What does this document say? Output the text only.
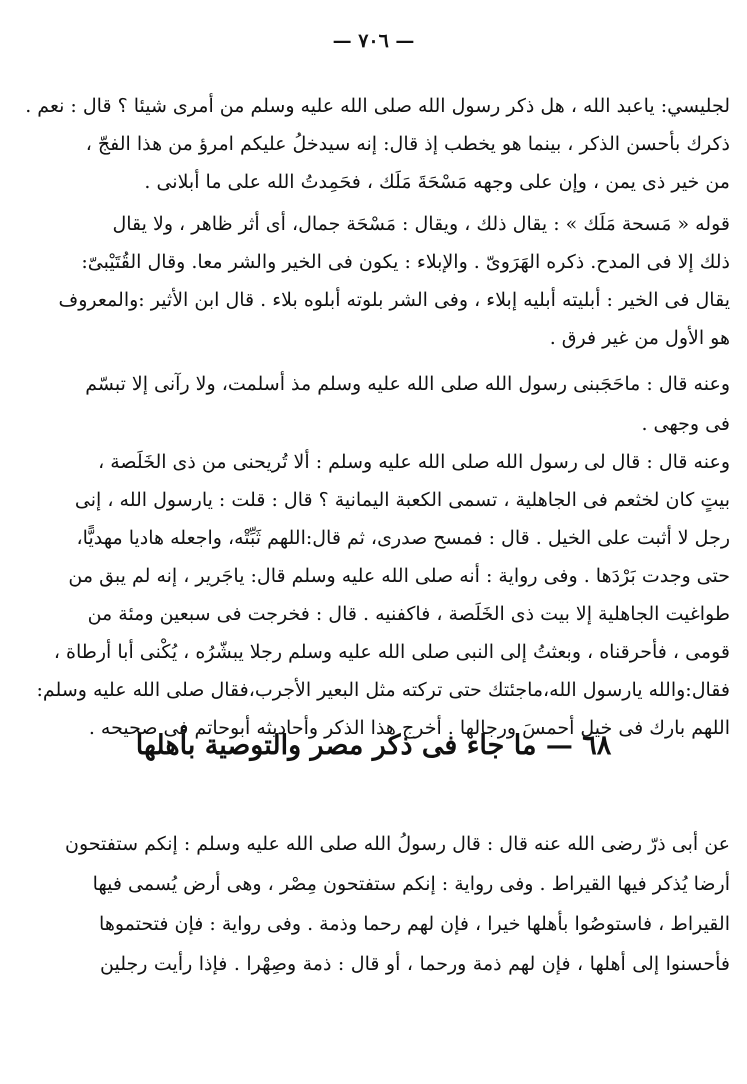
— ٧٠٦ —
لجليسي: ياعبد الله ، هل ذكر رسول الله صلى الله عليه وسلم من أمرى شيئا ؟ قال : نعم .
ذكرك بأحسن الذكر ، بينما هو يخطب إذ قال: إنه سيدخلُ عليكم امرؤ من هذا الفجّ ،
من خير ذى يمن ، وإن على وجهه مَسْحَةَ مَلَك ، فحَمِدتُ الله على ما أبلانى .
قوله « مَسحة مَلَك » : يقال ذلك ، ويقال : مَسْحَة جمال، أى أثر ظاهر ، ولا يقال
ذلك إلا فى المدح. ذكره الهَرَوىّ . والإبلاء : يكون فى الخير والشر معا. وقال القُتَيْبىّ:
يقال فى الخير : أبليته أبليه إبلاء ، وفى الشر بلوته أبلوه بلاء . قال ابن الأثير :والمعروف
هو الأول من غير فرق .
وعنه قال : ماحَجَبنى رسول الله صلى الله عليه وسلم مذ أسلمت، ولا رآنى إلا تبسّم
فى وجهى .
وعنه قال : قال لى رسول الله صلى الله عليه وسلم : ألا تُريحنى من ذى الخَلَصة ،
بيتٍ كان لخثعم فى الجاهلية ، تسمى الكعبة اليمانية ؟ قال : قلت : يارسول الله ، إنى
رجل لا أثبت على الخيل . قال : فمسح صدرى، ثم قال:اللهم ثَبِّتْه، واجعله هاديا مهديًّا،
حتى وجدت بَرْدَها . وفى رواية : أنه صلى الله عليه وسلم قال: ياجَرير ، إنه لم يبق من
طواغيت الجاهلية إلا بيت ذى الخَلَصة ، فاكفنيه . قال : فخرجت فى سبعين ومئة من
قومى ، فأحرقناه ، وبعثتُ إلى النبى صلى الله عليه وسلم رجلا يبشّرُه ، يُكْنى أبا أرطاة ،
فقال:والله يارسول الله،ماجئتك حتى تركته مثل البعير الأجرب،فقال صلى الله عليه وسلم:
اللهم بارك فى خيل أحمسَ ورجالها . أخرج هذا الذكر وأحاديثه أبوحاتم فى صحيحه .
٦٨ — ما جاء فى ذكر مصر والتوصية بأهلها
عن أبى ذرّ رضى الله عنه قال : قال رسولُ الله صلى الله عليه وسلم : إنكم ستفتحون
أرضا يُذكر فيها القيراط . وفى رواية : إنكم ستفتحون مِصْر ، وهى أرض يُسمى فيها
القيراط ، فاستوصُوا بأهلها خيرا ، فإن لهم رحما وذمة . وفى رواية : فإن فتحتموها
فأحسنوا إلى أهلها ، فإن لهم ذمة ورحما ، أو قال : ذمة وصِهْرا . فإذا رأيت رجلين
